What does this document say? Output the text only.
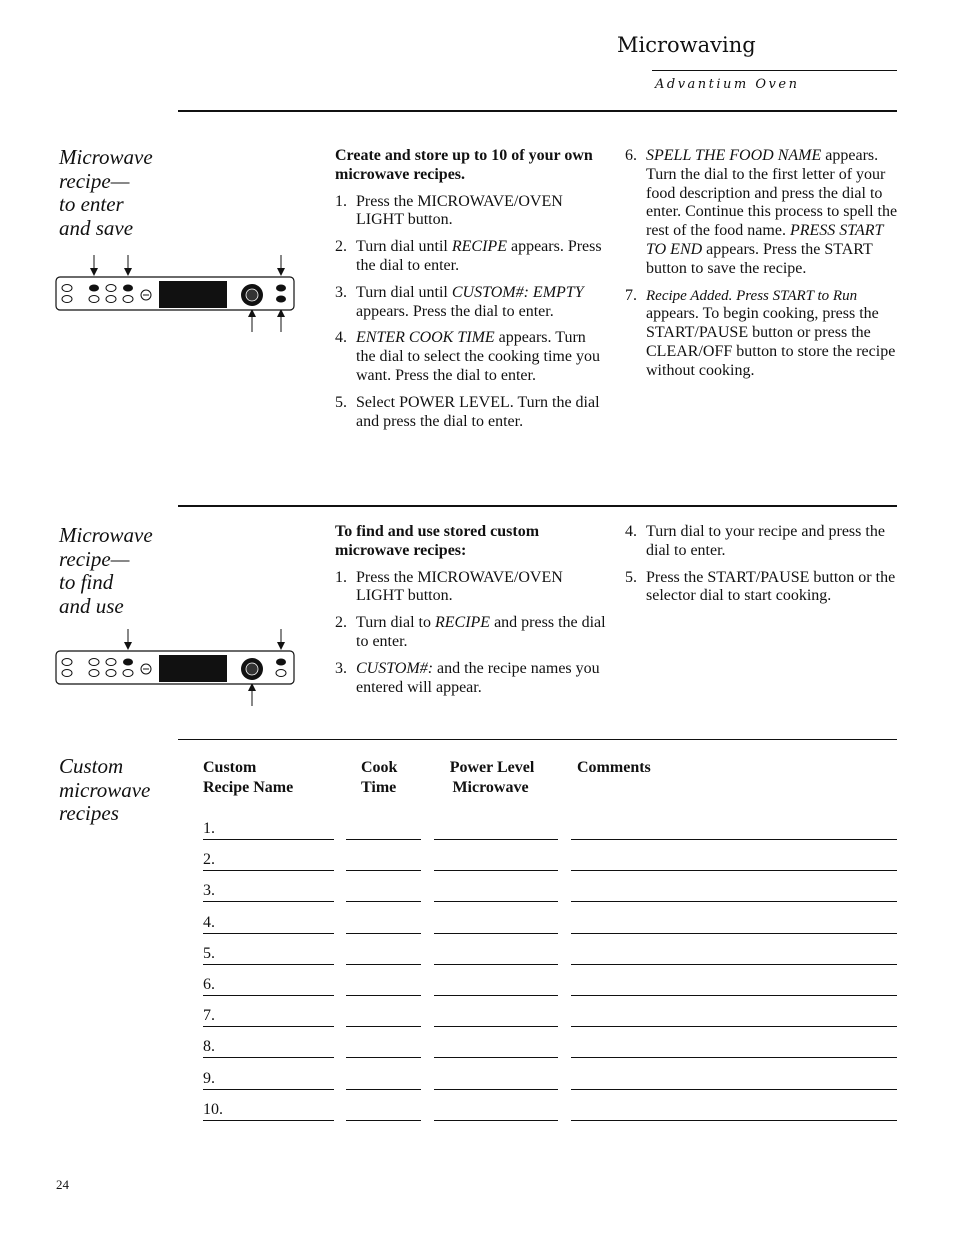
Microwaving
Advantium Oven
Microwave
recipe—
to enter
and save
Create and store up to 10 of your own microwave recipes.
1. Press the MICROWAVE/OVEN LIGHT button.
2. Turn dial until RECIPE appears. Press the dial to enter.
3. Turn dial until CUSTOM#: EMPTY appears. Press the dial to enter.
4. ENTER COOK TIME appears. Turn the dial to select the cooking time you want. Press the dial to enter.
5. Select POWER LEVEL. Turn the dial and press the dial to enter.
6. SPELL THE FOOD NAME appears. Turn the dial to the first letter of your food description and press the dial to enter. Continue this process to spell the rest of the food name. PRESS START TO END appears. Press the START button to save the recipe.
7. Recipe Added. Press START to Run appears. To begin cooking, press the START/PAUSE button or press the CLEAR/OFF button to store the recipe without cooking.
Microwave
recipe—
to find
and use
To find and use stored custom microwave recipes:
1. Press the MICROWAVE/OVEN LIGHT button.
2. Turn dial to RECIPE and press the dial to enter.
3. CUSTOM#: and the recipe names you entered will appear.
4. Turn dial to your recipe and press the dial to enter.
5. Press the START/PAUSE button or the selector dial to start cooking.
Custom
microwave
recipes
Custom
Recipe Name
Cook
Time
Power Level
Microwave
Comments
1.
2.
3.
4.
5.
6.
7.
8.
9.
10.
24
